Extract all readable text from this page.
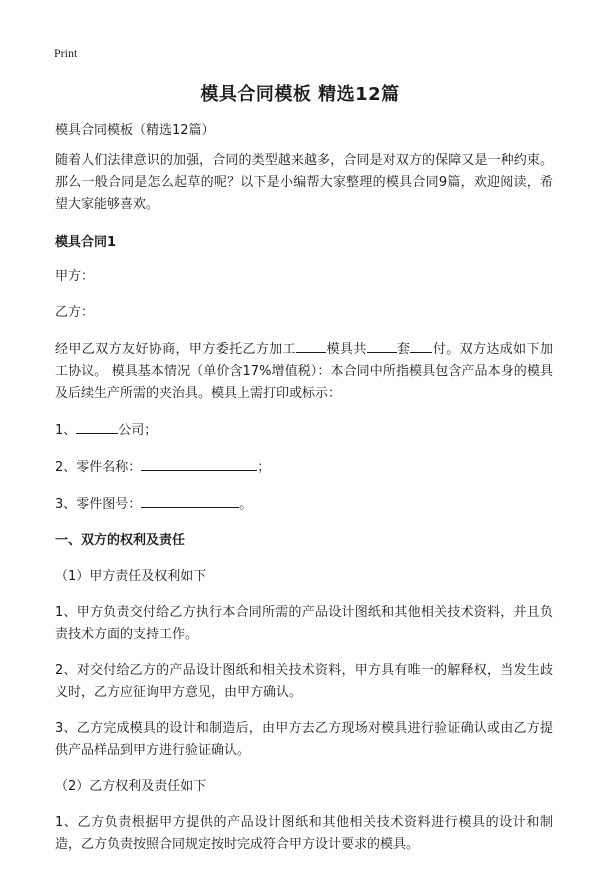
Print
模具合同模板 精选12篇

模具合同模板（精选12篇）

随着人们法律意识的加强，合同的类型越来越多，合同是对双方的保障又是一种约束。那么一般合同是怎么起草的呢？以下是小编帮大家整理的模具合同9篇，欢迎阅读，希望大家能够喜欢。

模具合同1

甲方：

乙方：

经甲乙双方友好协商，甲方委托乙方加工 模具共 套 付。双方达成如下加工协议。 模具基本情况（单价含17%增值税）：本合同中所指模具包含产品本身的模具及后续生产所需的夹治具。模具上需打印或标示：

1、	公司；

2、零件名称：	；

3、零件图号：	。

一、双方的权利及责任

（1）甲方责任及权利如下

1、甲方负责交付给乙方执行本合同所需的产品设计图纸和其他相关技术资料，并且负责技术方面的支持工作。

2、对交付给乙方的产品设计图纸和相关技术资料，甲方具有唯一的解释权，当发生歧义时，乙方应征询甲方意见，由甲方确认。

3、乙方完成模具的设计和制造后，由甲方去乙方现场对模具进行验证确认或由乙方提供产品样品到甲方进行验证确认。

（2）乙方权利及责任如下

1、乙方负责根据甲方提供的产品设计图纸和其他相关技术资料进行模具的设计和制造，乙方负责按照合同规定按时完成符合甲方设计要求的模具。
